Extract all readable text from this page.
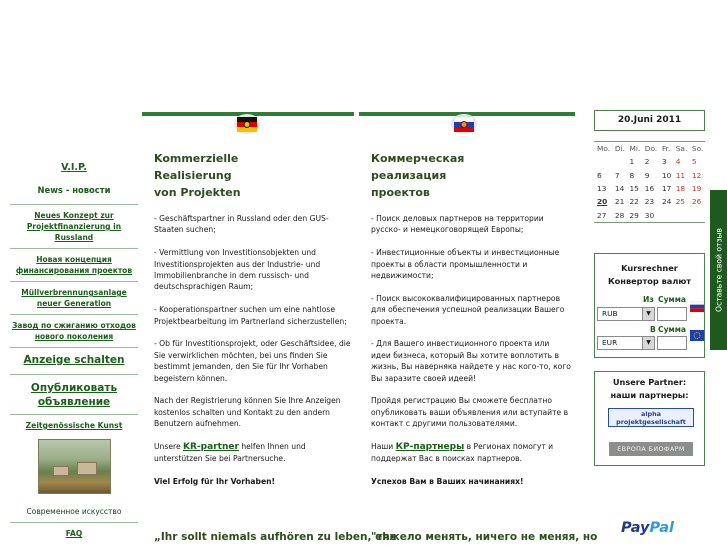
V.I.P.
News - новости
Neues Konzept zur Projektfinanzierung in Russland
Новая концепция финансирования проектов
Müllverbrennungsanlage neuer Generation
Завод по сжиганию отходов нового поколения
Anzeige schalten
Опубликовать объявление
Zeitgenössische Kunst
Современное искусство
FAQ
Kommerzielle Realisierung von Projekten

- Geschäftspartner in Russland oder den GUS-Staaten suchen;

- Vermittlung von Investitionsobjekten und Investitionsprojekten aus der Industrie- und Immobilienbranche in dem russisch- und deutschsprachigen Raum;

- Kooperationspartner suchen um eine nahtlose Projektbearbeitung im Partnerland sicherzustellen;

- Ob für Investitionsprojekt, oder Geschäftsidee, die Sie verwirklichen möchten, bei uns finden Sie bestimmt jemanden, den Sie für Ihr Vorhaben begeistern können.

Nach der Registrierung können Sie Ihre Anzeigen kostenlos schalten und Kontakt zu den andern Benutzern aufnehmen.

Unsere KR-partner helfen Ihnen und unterstützen Sie bei Partnersuche.

Viel Erfolg für Ihr Vorhaben!

„Ihr sollt niemals aufhören zu leben, ehe
Коммерческая реализация проектов

- Поиск деловых партнеров на территории русско- и немецкоговорящей Европы;

- Инвестиционные объекты и инвестиционные проекты в области промышленности и недвижимости;

- Поиск высококвалифицированных партнеров для обеспечения успешной реализации Вашего проекта.

- Для Вашего инвестиционного проекта или идеи бизнеса, который Вы хотите воплотить в жизнь, Вы наверняка найдете у нас кого-то, кого Вы заразите своей идеей!

Пройдя регистрацию Вы сможете бесплатно опубликовать ваши объявления или вступайте в контакт с другими пользователями.

Наши КР-партнеры в Регионах помогут и поддержат Вас в поисках партнеров.

Успехов Вам в Ваших начинаниях!

"тяжело менять, ничего не меняя, но
20.Juni 2011
Mo.	Di.	Mi.	Do.	Fr.	Sa.	So.
		1	2	3	4	5
6	7	8	9	10	11	12
13	14	15	16	17	18	19
20	21	22	23	24	25	26
27	28	29	30			
Kursrechner
Конвертор валют
Из Сумма
RUB	▼
В Сумма
EUR	▼
Unsere Partner:
наши партнеры:
alpha projektgesellschaft
ЕВРОПА БИОФАРМ
PayPal
Оставьте свой отзыв
